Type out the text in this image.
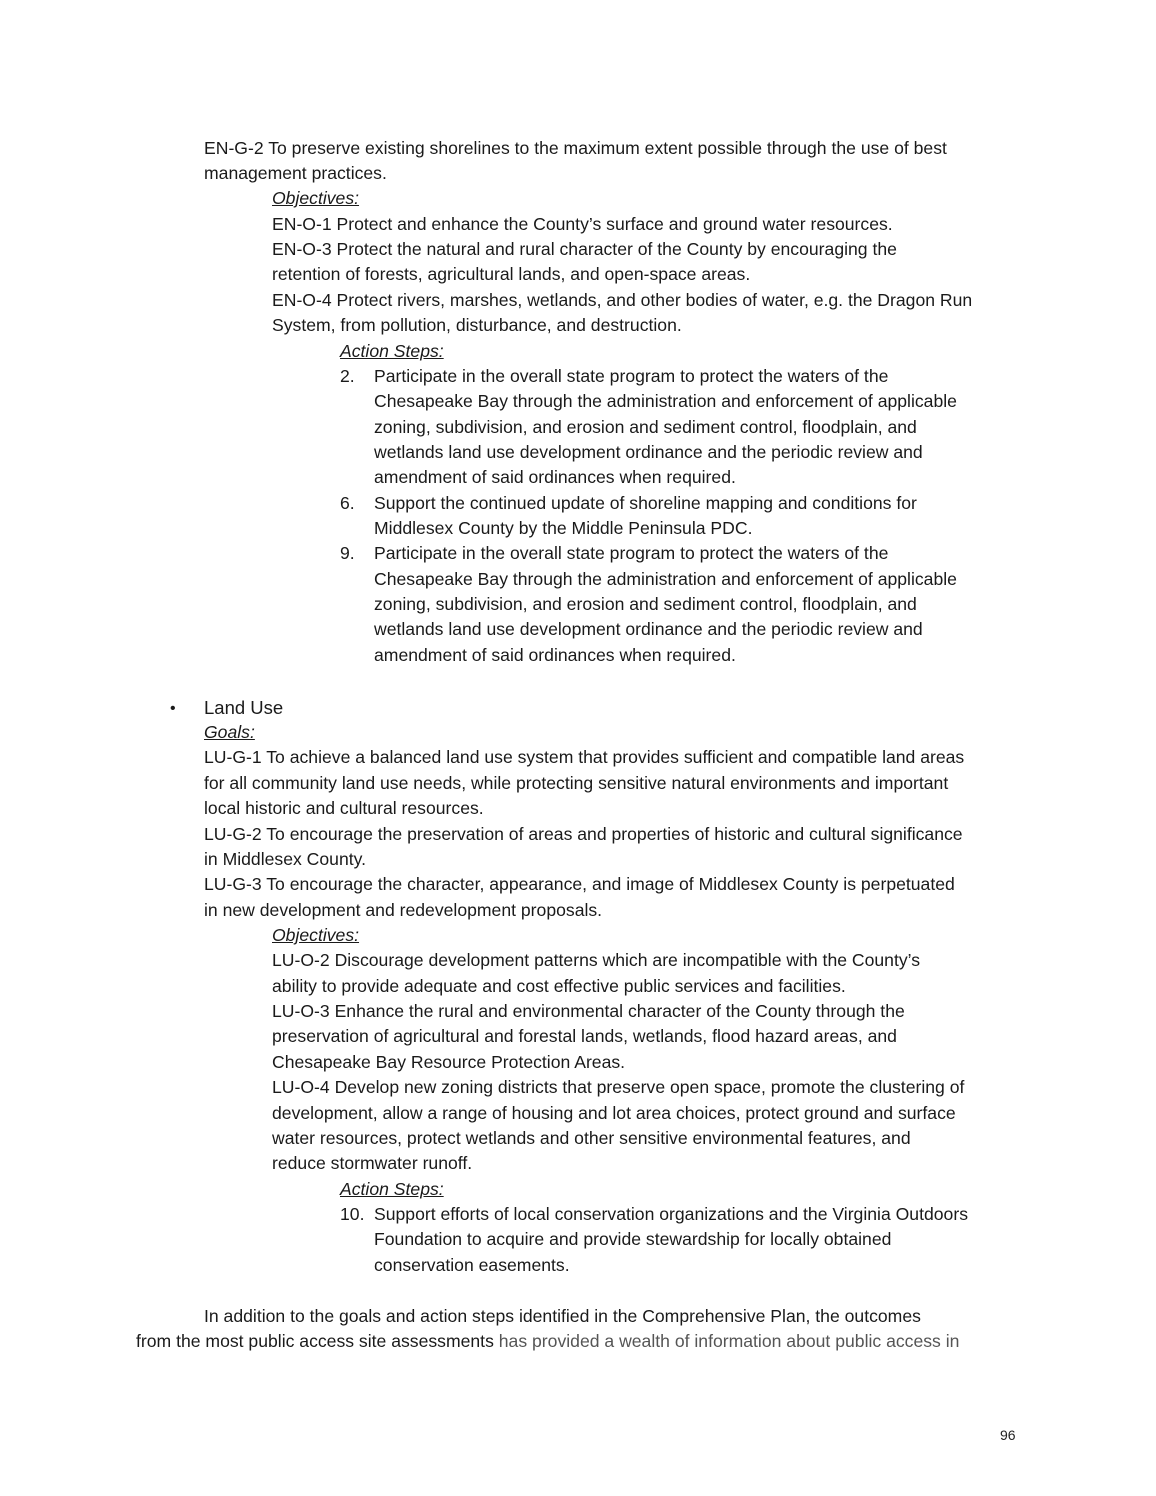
EN-G-2 To preserve existing shorelines to the maximum extent possible through the use of best
management practices.
Objectives:
EN-O-1 Protect and enhance the County’s surface and ground water resources.
EN-O-3 Protect the natural and rural character of the County by encouraging the
retention of forests, agricultural lands, and open-space areas.
EN-O-4 Protect rivers, marshes, wetlands, and other bodies of water, e.g. the Dragon Run
System, from pollution, disturbance, and destruction.
Action Steps:
2. Participate in the overall state program to protect the waters of the
Chesapeake Bay through the administration and enforcement of applicable
zoning, subdivision, and erosion and sediment control, floodplain, and
wetlands land use development ordinance and the periodic review and
amendment of said ordinances when required.
6. Support the continued update of shoreline mapping and conditions for
Middlesex County by the Middle Peninsula PDC.
9. Participate in the overall state program to protect the waters of the
Chesapeake Bay through the administration and enforcement of applicable
zoning, subdivision, and erosion and sediment control, floodplain, and
wetlands land use development ordinance and the periodic review and
amendment of said ordinances when required.
• Land Use
Goals:
LU-G-1 To achieve a balanced land use system that provides sufficient and compatible land areas
for all community land use needs, while protecting sensitive natural environments and important
local historic and cultural resources.
LU-G-2 To encourage the preservation of areas and properties of historic and cultural significance
in Middlesex County.
LU-G-3 To encourage the character, appearance, and image of Middlesex County is perpetuated
in new development and redevelopment proposals.
Objectives:
LU-O-2 Discourage development patterns which are incompatible with the County’s
ability to provide adequate and cost effective public services and facilities.
LU-O-3 Enhance the rural and environmental character of the County through the
preservation of agricultural and forestal lands, wetlands, flood hazard areas, and
Chesapeake Bay Resource Protection Areas.
LU-O-4 Develop new zoning districts that preserve open space, promote the clustering of
development, allow a range of housing and lot area choices, protect ground and surface
water resources, protect wetlands and other sensitive environmental features, and
reduce stormwater runoff.
Action Steps:
10. Support efforts of local conservation organizations and the Virginia Outdoors
Foundation to acquire and provide stewardship for locally obtained
conservation easements.
In addition to the goals and action steps identified in the Comprehensive Plan, the outcomes
from the most public access site assessments has provided a wealth of information about public access in
96
